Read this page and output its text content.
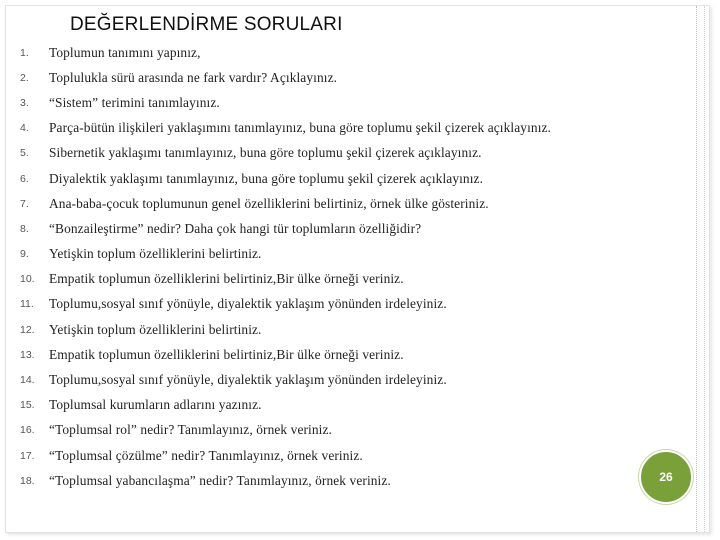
DEĞERLENDİRME SORULARI
1.	Toplumun tanımını yapınız,
2.	Toplulukla sürü arasında ne fark vardır? Açıklayınız.
3.	“Sistem” terimini tanımlayınız.
4.	Parça-bütün ilişkileri yaklaşımını tanımlayınız, buna göre toplumu şekil çizerek açıklayınız.
5.	Sibernetik yaklaşımı tanımlayınız, buna göre toplumu şekil çizerek açıklayınız.
6.	Diyalektik yaklaşımı tanımlayınız, buna göre toplumu şekil çizerek açıklayınız.
7.	Ana-baba-çocuk toplumunun genel özelliklerini belirtiniz, örnek ülke gösteriniz.
8.	“Bonzaileştirme” nedir? Daha çok hangi tür toplumların özelliğidir?
9.	Yetişkin toplum özelliklerini belirtiniz.
10.	Empatik toplumun özelliklerini belirtiniz,Bir ülke örneği veriniz.
11.	Toplumu,sosyal sınıf yönüyle, diyalektik yaklaşım yönünden irdeleyiniz.
12.	Yetişkin toplum özelliklerini belirtiniz.
13.	Empatik toplumun özelliklerini belirtiniz,Bir ülke örneği veriniz.
14.	Toplumu,sosyal sınıf yönüyle, diyalektik yaklaşım yönünden irdeleyiniz.
15.	Toplumsal kurumların adlarını yazınız.
16.	“Toplumsal rol” nedir? Tanımlayınız, örnek veriniz.
17.	“Toplumsal çözülme” nedir? Tanımlayınız, örnek veriniz.
18.	“Toplumsal yabancılaşma” nedir? Tanımlayınız, örnek veriniz.	26
